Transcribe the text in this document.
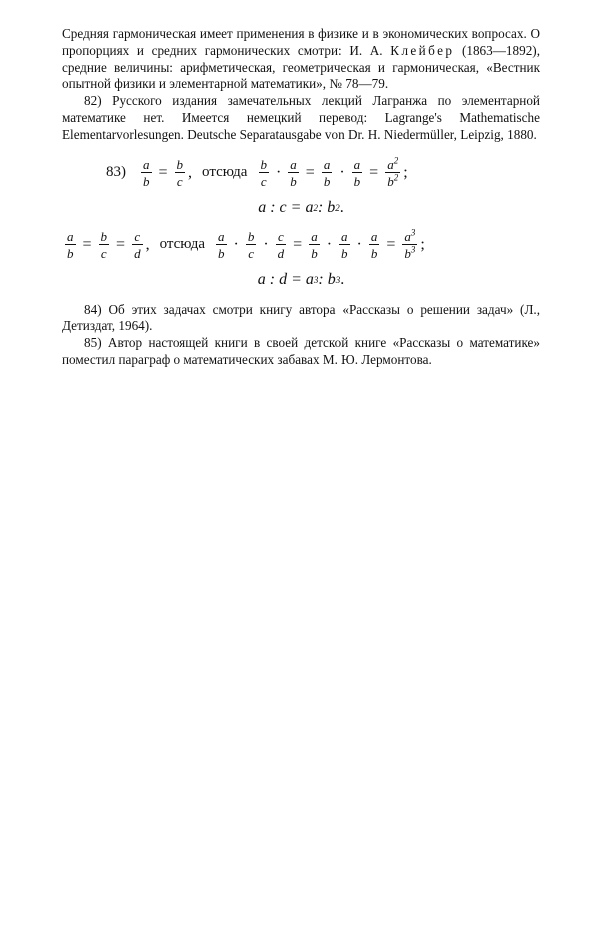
Средняя гармоническая имеет применения в физике и в экономических вопросах. О пропорциях и средних гармонических смотри: И. А. Клейбер (1863—1892), средние величины: арифметическая, геометрическая и гармоническая, «Вестник опытной физики и элементарной математики», № 78—79.

82) Русского издания замечательных лекций Лагранжа по элементарной математике нет. Имеется немецкий перевод: Lagrange's Mathematische Elementarvorlesungen. Deutsche Separatausgabe von Dr. H. Niedermüller, Leipzig, 1880.

$83) \frac{a}{b} = \frac{b}{c}$ , отсюда $\frac{b}{c} \cdot \frac{a}{b} = \frac{a}{b} \cdot \frac{a}{b} = \frac{a^2}{b^2}$ ;
a : c = a 2 : b 2 .
$\frac{a}{b} = \frac{b}{c} = \frac{c}{d}$ , отсюда $\frac{a}{b} \cdot \frac{b}{c} \cdot \frac{c}{d} = \frac{a}{b} \cdot \frac{a}{b} \cdot \frac{a}{b} = \frac{a^3}{b^3}$ ;
a : d = a 3 : b 3 .

84) Об этих задачах смотри книгу автора «Рассказы о решении задач» (Л., Детиздат, 1964).

85) Автор настоящей книги в своей детской книге «Рассказы о математике» поместил параграф о математических забавах М. Ю. Лермонтова.
